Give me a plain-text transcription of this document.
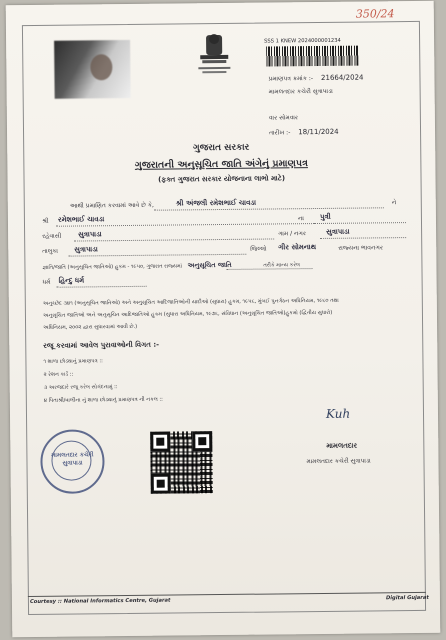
350/24
SSS 1 KNEW 2024000001234
પ્રમાણપત્ર ક્રમાંક :- 21664/2024
મામલતદાર કચેરી સુત્રાપાડા
વાર સોમવાર
તારીખ :- 18/11/2024
ગુજરાત સરકાર
ગુજરાતની અનુસૂચિત જાતિ અંગેનું પ્રમાણપત્ર
(ફક્ત ગુજરાત સરકાર યોજનાના લાભો માટે)
આથી પ્રમાણિત કરવામાં આવે છે કે,	શ્રી અંજલી રમેશભાઈ ચાવડા	ને
શ્રી રમેશભાઈ ચાવડા	ના પુત્રી
રહેવાસી સુત્રાપાડા	ગામ / નગર	સુત્રાપાડા
તાલુકા સુત્રાપાડા	જિલ્લો ગીર સોમનાથ	રાજ્યના ભાવનગર
જ્ઞાતિ/જાતિ (અનુસૂચિત જાતિઓ) હુકમ - ૧૯૫૦, ગુજરાત રાજ્યમાં અનુસૂચિત જાતિ	તરીકે માન્ય કરેલ
ધર્મ હિન્દુ ધર્મ
અનુચ્છેદ ૩૪૧ (અનુસૂચિત જાતિઓ) અને અનુસૂચિત આદિજાતિઓની યાદીઓ (સુધારા) હુકમ, ૧૯૫૬, મુંબઈ પુનર્ગઠન અધિનિયમ, ૧૯૬૦ તથા
અનુસૂચિત જાતિઓ અને અનુસૂચિત આદિજાતિઓ હુકમ (સુધારા અધિનિયમ, ૧૯૭૬, સંવિધાન (અનુસૂચિત જાતિઓ)હુકમો (દ્વિતીય સુધારો)
અધિનિયમ, ૨૦૦૨ દ્વારા સુધારવામાં આવી છે.)
રજૂ કરવામાં આવેલ પુરાવાઓની વિગત :-
૧ શાળા છોડ્યાનું પ્રમાણપત્ર ::
૨ રેશન કાર્ડ ::
૩ અરજદારે રજૂ કરેલ સોગંદનામું ::
૪ પિતાશ્રી/વાલીના નું શાળા છોડ્યાનું પ્રમાણપત્ર ની નકલ ::
મામલતદાર કચેરી સુત્રાપાડા
Kuh
મામલતદાર
મામલતદાર કચેરી સુત્રાપાડા
Courtesy :: National Informatics Centre, Gujarat	Digital Gujarat
